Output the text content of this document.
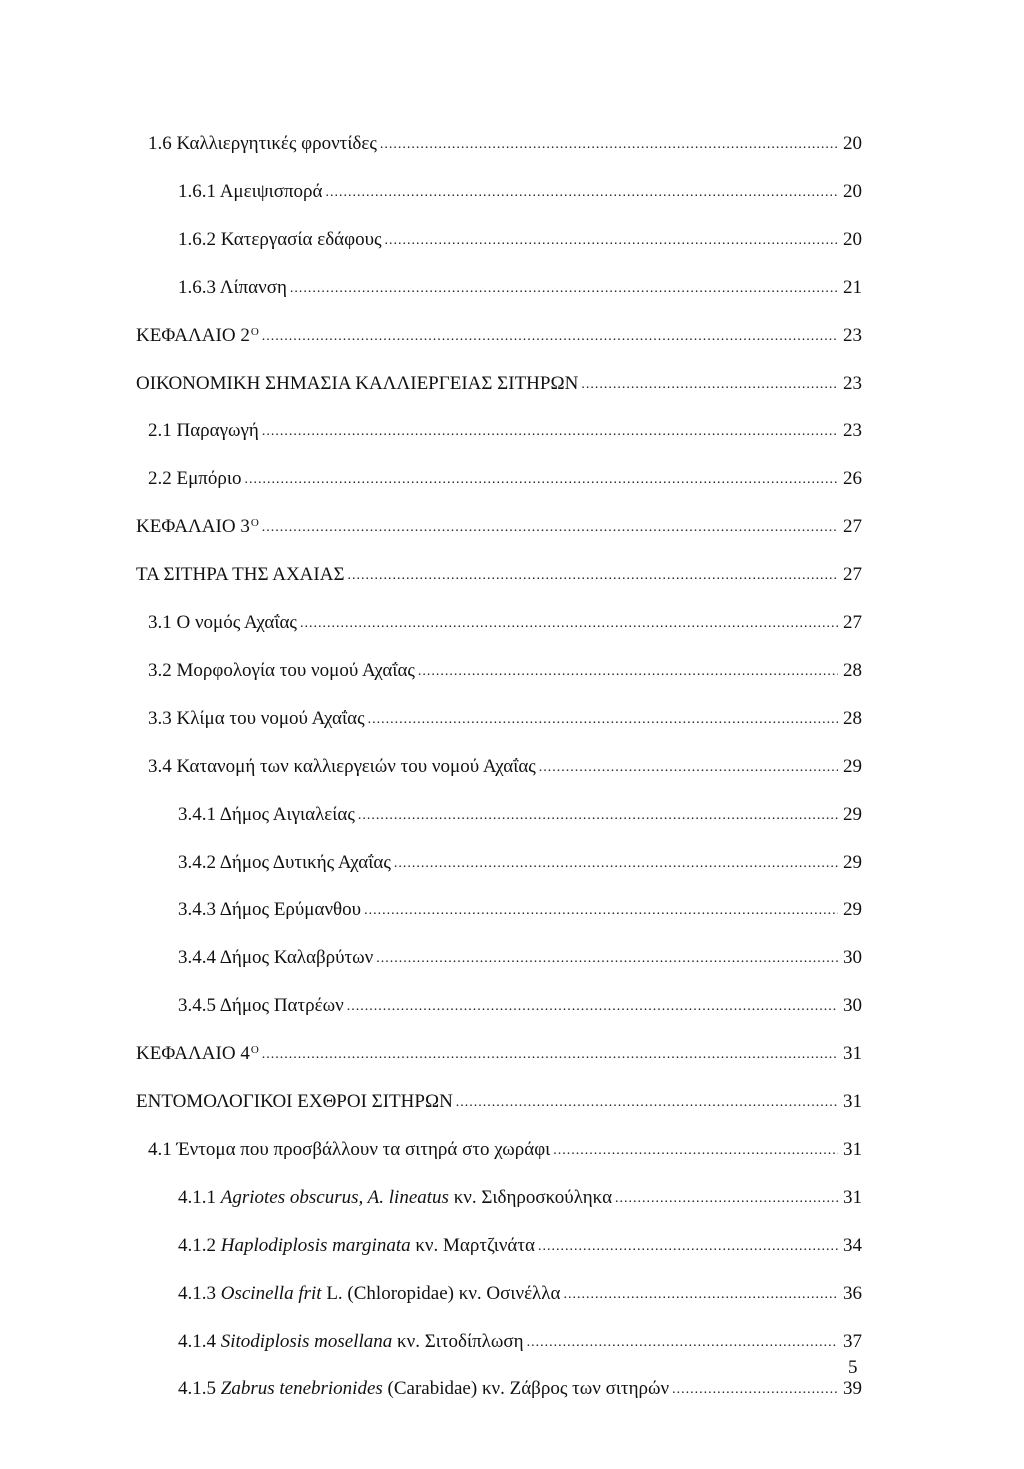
1.6 Καλλιεργητικές φροντίδες .....	20
1.6.1 Αμειψισπορά .....	20
1.6.2 Κατεργασία εδάφους .....	20
1.6.3 Λίπανση .....	21
ΚΕΦΑΛΑΙΟ $2^O$ .....	23
ΟΙΚΟΝΟΜΙΚΗ ΣΗΜΑΣΙΑ ΚΑΛΛΙΕΡΓΕΙΑΣ ΣΙΤΗΡΩΝ .....	23
2.1 Παραγωγή .....	23
2.2 Εμπόριο .....	26
ΚΕΦΑΛΑΙΟ $3^O$ .....	27
ΤΑ ΣΙΤΗΡΑ ΤΗΣ ΑΧΑΙΑΣ .....	27
3.1 Ο νομός Αχαΐας .....	27
3.2 Μορφολογία του νομού Αχαΐας .....	28
3.3 Κλίμα του νομού Αχαΐας .....	28
3.4 Κατανομή των καλλιεργειών του νομού Αχαΐας .....	29
3.4.1 Δήμος Αιγιαλείας .....	29
3.4.2 Δήμος Δυτικής Αχαΐας .....	29
3.4.3 Δήμος Ερύμανθου .....	29
3.4.4 Δήμος Καλαβρύτων .....	30
3.4.5 Δήμος Πατρέων .....	30
ΚΕΦΑΛΑΙΟ $4^O$ .....	31
ΕΝΤΟΜΟΛΟΓΙΚΟΙ ΕΧΘΡΟΙ ΣΙΤΗΡΩΝ .....	31
4.1 Έντομα που προσβάλλουν τα σιτηρά στο χωράφι .....	31
4.1.1 Agriotes obscurus, A. lineatus κν. Σιδηροσκούληκα .....	31
4.1.2 Haplodiplosis marginata κν. Μαρτζινάτα .....	34
4.1.3 Oscinella frit L. (Chloropidae) κν. Οσινέλλα .....	36
4.1.4 Sitodiplosis mosellana κν. Σιτοδίπλωση .....	37
4.1.5 Zabrus tenebrionides (Carabidae) κν. Ζάβρος των σιτηρών .....	39
5
